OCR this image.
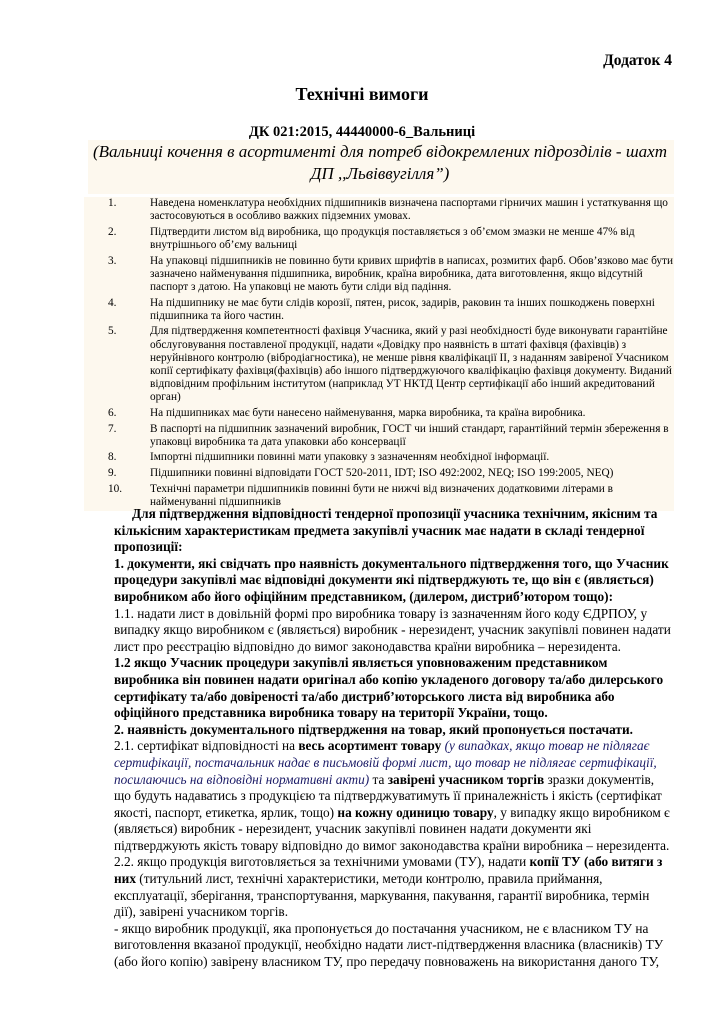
Додаток 4
Технічні вимоги
ДК 021:2015, 44440000-6_Вальниці
(Вальниці кочення в асортименті для потреб відокремлених підрозділів - шахт
ДП ,,Львіввугілля”)
1.	Наведена номенклатура необхідних підшипників визначена паспортами гірничих машин і устаткування що застосовуються в особливо важких підземних умовах.
2.	Підтвердити листом від виробника, що продукція поставляється з об’ємом змазки не менше 47% від внутрішнього об’єму вальниці
3.	На упаковці підшипників не повинно бути кривих шрифтів в написах, розмитих фарб. Обов’язково має бути зазначено найменування підшипника, виробник, країна виробника, дата виготовлення, якщо відсутній паспорт з датою. На упаковці не мають бути сліди від падіння.
4.	На підшипнику не має бути слідів корозії, пятен, рисок, задирів, раковин та інших пошкоджень поверхні підшипника та його частин.
5.	Для підтвердження компетентності фахівця Учасника, який у разі необхідності буде виконувати гарантійне обслуговування поставленої продукції, надати «Довідку про наявність в штаті фахівця (фахівців) з неруйнівного контролю (вібродіагностика), не менше рівня кваліфікації ІІ, з наданням завіреної Учасником копії сертифікату фахівця(фахівців) або іншого підтверджуючого кваліфікацію фахівця документу. Виданий відповідним профільним інститутом (наприклад УТ НКТД Центр сертифікації або інший акредитований орган)
6.	На підшипниках має бути нанесено найменування, марка виробника, та країна виробника.
7.	В паспорті на підшипник зазначений виробник, ГОСТ чи інший стандарт, гарантійний термін збереження в упаковці виробника та дата упаковки або консервації
8.	Імпортні підшипники повинні мати упаковку з зазначенням необхідної інформації.
9.	Підшипники повинні відповідати ГОСТ 520-2011, IDT; ISO 492:2002, NEQ; ISO 199:2005, NEQ)
10.	Технічні параметри підшипників повинні бути не нижчі від визначених додатковими літерами в найменуванні підшипників

Для підтвердження відповідності тендерної пропозиції учасника технічним, якісним та кількісним характеристикам предмета закупівлі учасник має надати в складі тендерної пропозиції:

1. документи, які свідчать про наявність документального підтвердження того, що Учасник процедури закупівлі має відповідні документи які підтверджують те, що він є (являється) виробником або його офіційним представником, (дилером, дистриб’ютором тощо):

1.1. надати лист в довільній формі про виробника товару із зазначенням його коду ЄДРПОУ, у випадку якщо виробником є (являється) виробник - нерезидент, учасник закупівлі повинен надати лист про реєстрацію відповідно до вимог законодавства країни виробника – нерезидента.

1.2 якщо Учасник процедури закупівлі являється уповноваженим представником виробника він повинен надати оригінал або копію укладеного договору та/або дилерського сертифікату та/або довіреності та/або дистриб’юторського листа від виробника або офіційного представника виробника товару на території України, тощо.

2. наявність документального підтвердження на товар, який пропонується постачати.

2.1. сертифікат відповідності на весь асортимент товару (у випадках, якщо товар не підлягає сертифікації, постачальник надає в письмовій формі лист, що товар не підлягає сертифікації, посилаючись на відповідні нормативні акти) та завірені учасником торгів зразки документів, що будуть надаватись з продукцією та підтверджуватимуть її приналежність і якість (сертифікат якості, паспорт, етикетка, ярлик, тощо) на кожну одиницю товару, у випадку якщо виробником є (являється) виробник - нерезидент, учасник закупівлі повинен надати документи які підтверджують якість товару відповідно до вимог законодавства країни виробника – нерезидента.

2.2. якщо продукція виготовляється за технічними умовами (ТУ), надати копії ТУ (або витяги з них (титульний лист, технічні характеристики, методи контролю, правила приймання, експлуатації, зберігання, транспортування, маркування, пакування, гарантії виробника, термін дії), завірені учасником торгів.

- якщо виробник продукції, яка пропонується до постачання учасником, не є власником ТУ на виготовлення вказаної продукції, необхідно надати лист-підтвердження власника (власників) ТУ (або його копію) завірену власником ТУ, про передачу повноважень на використання даного ТУ,
